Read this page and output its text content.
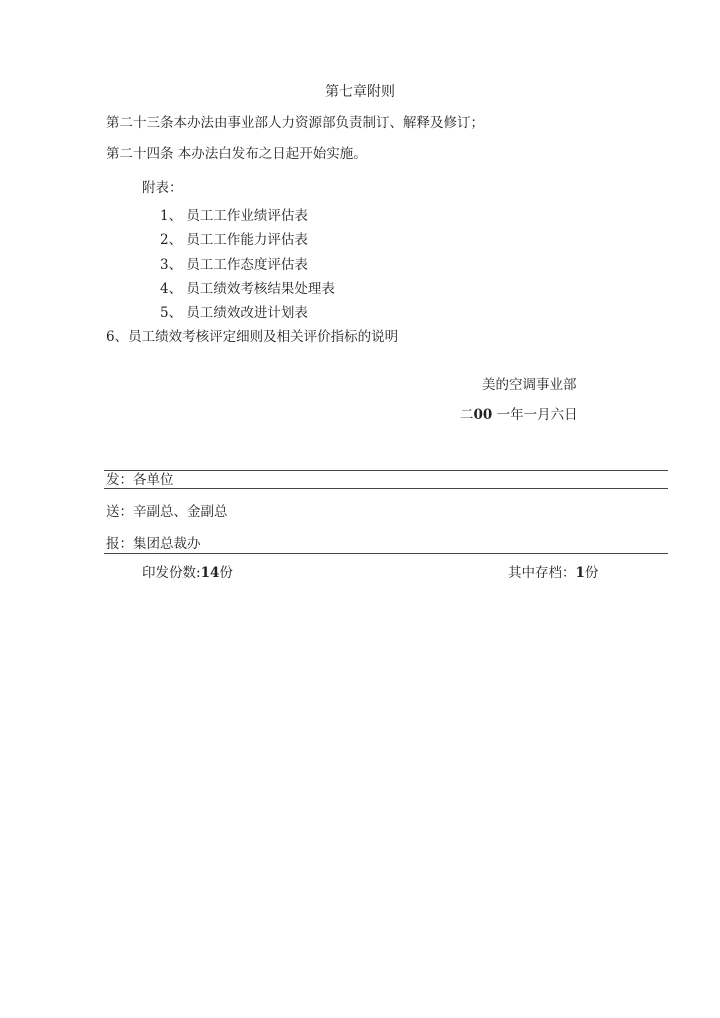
第七章附则
第二十三条本办法由事业部人力资源部负责制订、解释及修订；
第二十四条 本办法白发布之日起开始实施。
附表：
1、 员工工作业绩评估表
2、 员工工作能力评估表
3、 员工工作态度评估表
4、 员工绩效考核结果处理表
5、 员工绩效改进计划表
6、员工绩效考核评定细则及相关评价指标的说明
美的空调事业部
二00 一年一月六日
发：各单位
送：辛副总、金副总
报：集团总裁办
印发份数:14份	其中存档：1份
